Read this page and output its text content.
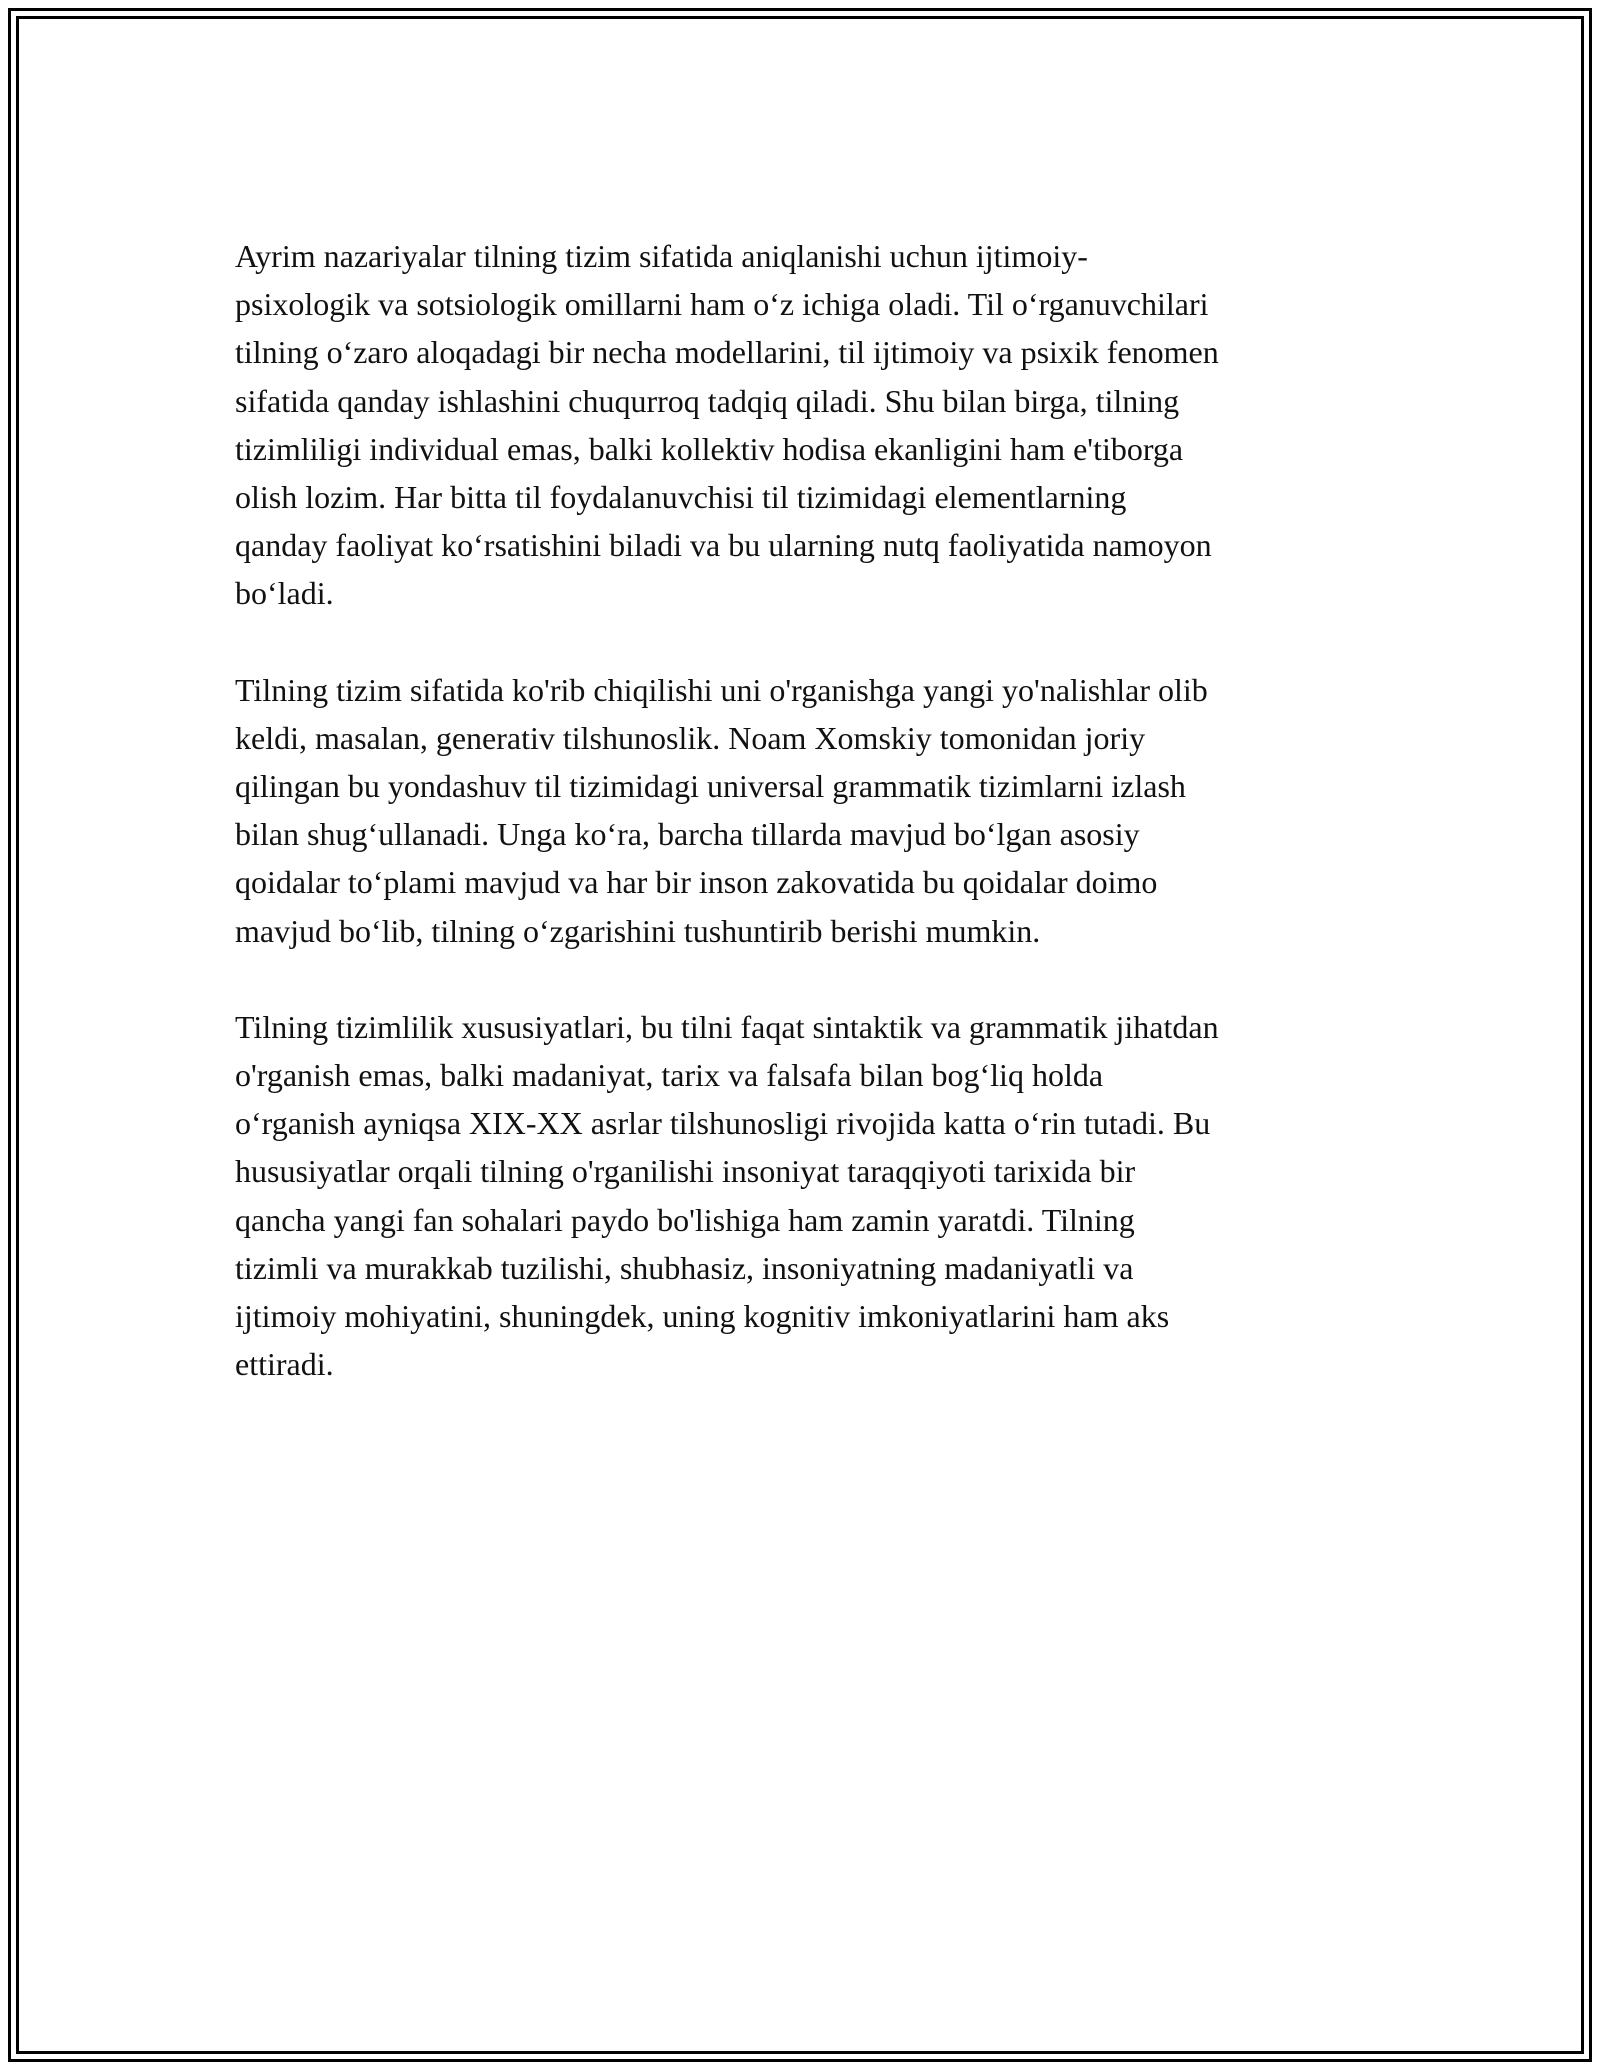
Ayrim nazariyalar tilning tizim sifatida aniqlanishi uchun ijtimoiy-
psixologik va sotsiologik omillarni ham o‘z ichiga oladi. Til o‘rganuvchilari
tilning o‘zaro aloqadagi bir necha modellarini, til ijtimoiy va psixik fenomen
sifatida qanday ishlashini chuqurroq tadqiq qiladi. Shu bilan birga, tilning
tizimliligi individual emas, balki kollektiv hodisa ekanligini ham e'tiborga
olish lozim. Har bitta til foydalanuvchisi til tizimidagi elementlarning
qanday faoliyat ko‘rsatishini biladi va bu ularning nutq faoliyatida namoyon
bo‘ladi.

Tilning tizim sifatida ko'rib chiqilishi uni o'rganishga yangi yo'nalishlar olib
keldi, masalan, generativ tilshunoslik. Noam Xomskiy tomonidan joriy
qilingan bu yondashuv til tizimidagi universal grammatik tizimlarni izlash
bilan shug‘ullanadi. Unga ko‘ra, barcha tillarda mavjud bo‘lgan asosiy
qoidalar to‘plami mavjud va har bir inson zakovatida bu qoidalar doimo
mavjud bo‘lib, tilning o‘zgarishini tushuntirib berishi mumkin.

Tilning tizimlilik xususiyatlari, bu tilni faqat sintaktik va grammatik jihatdan
o'rganish emas, balki madaniyat, tarix va falsafa bilan bog‘liq holda
o‘rganish ayniqsa XIX-XX asrlar tilshunosligi rivojida katta o‘rin tutadi. Bu
hususiyatlar orqali tilning o'rganilishi insoniyat taraqqiyoti tarixida bir
qancha yangi fan sohalari paydo bo'lishiga ham zamin yaratdi. Tilning
tizimli va murakkab tuzilishi, shubhasiz, insoniyatning madaniyatli va
ijtimoiy mohiyatini, shuningdek, uning kognitiv imkoniyatlarini ham aks
ettiradi.
